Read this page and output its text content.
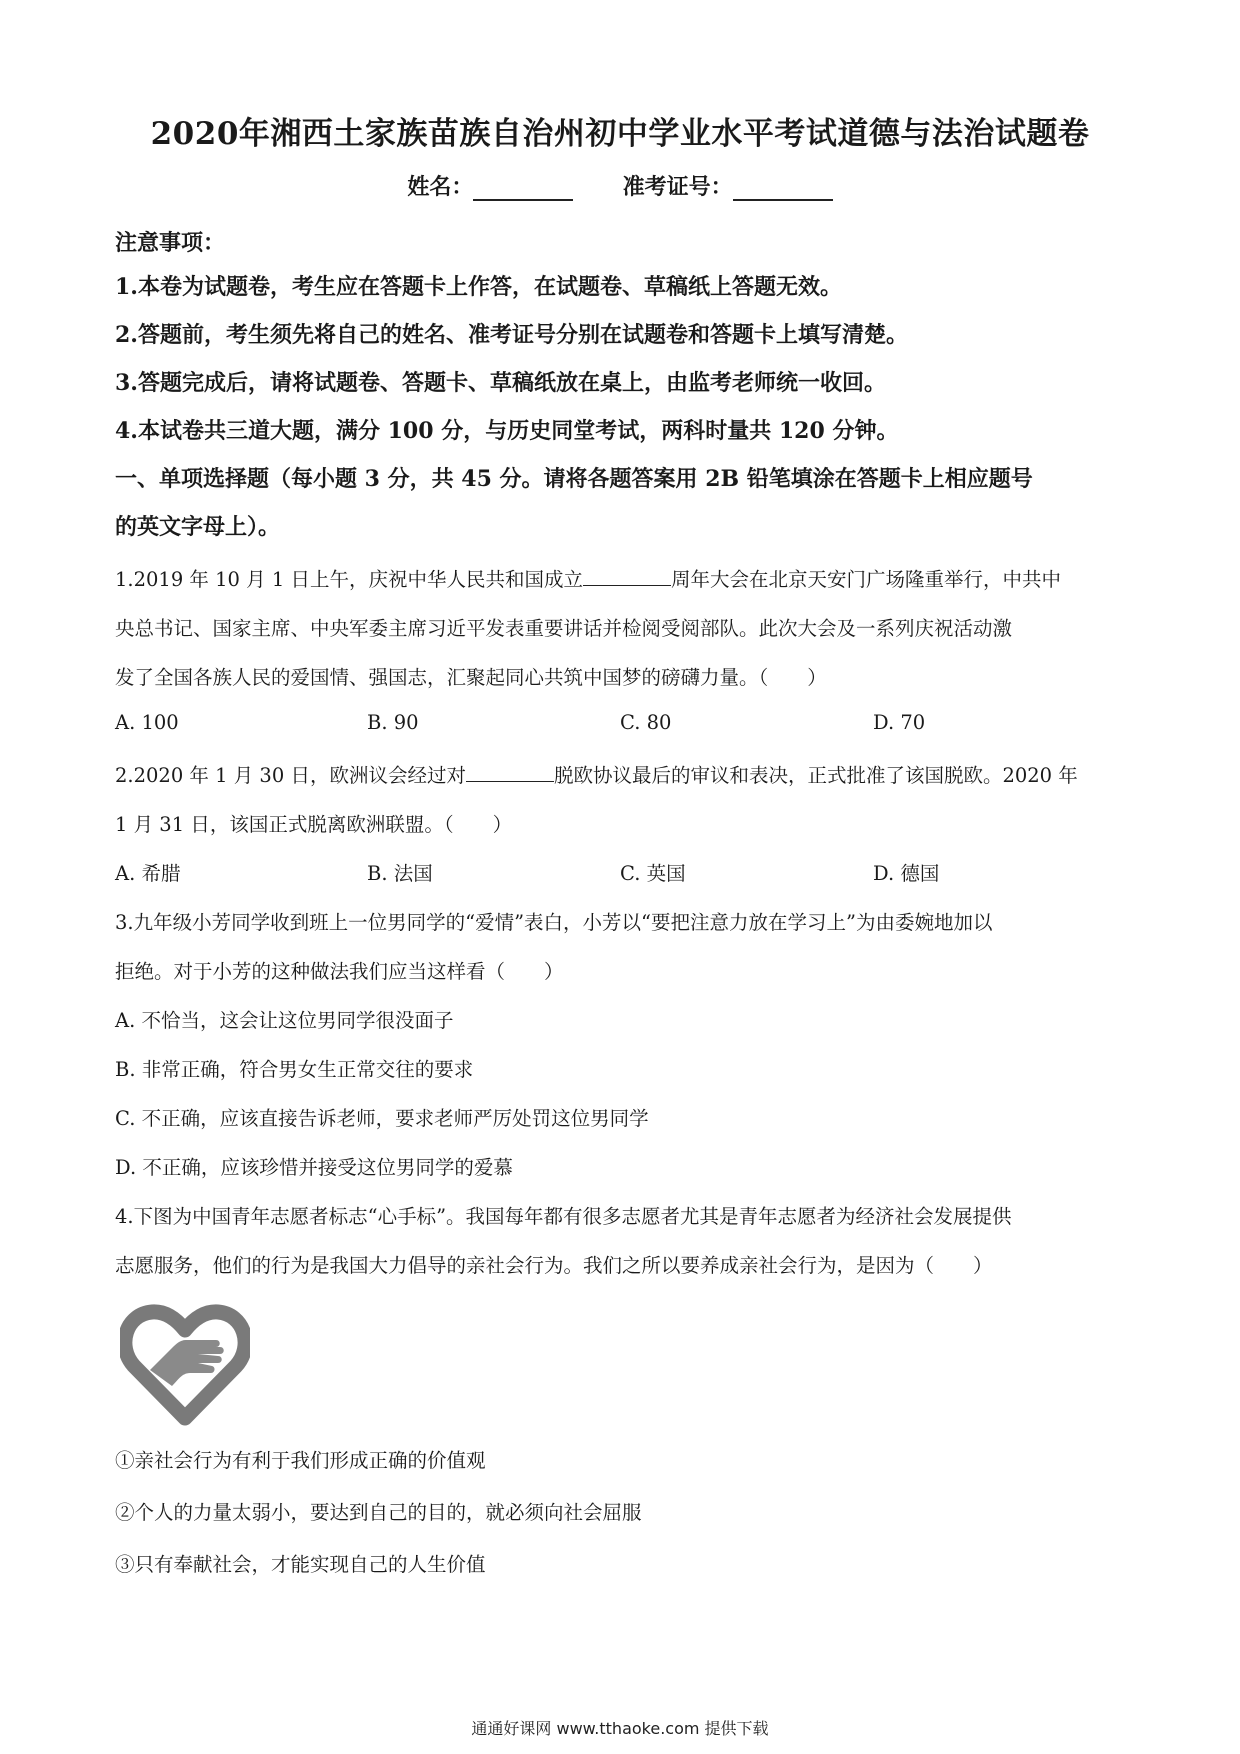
2020年湘西土家族苗族自治州初中学业水平考试道德与法治试题卷
姓名：	准考证号：
注意事项：
1.本卷为试题卷，考生应在答题卡上作答，在试题卷、草稿纸上答题无效。
2.答题前，考生须先将自己的姓名、准考证号分别在试题卷和答题卡上填写清楚。
3.答题完成后，请将试题卷、答题卡、草稿纸放在桌上，由监考老师统一收回。
4.本试卷共三道大题，满分 100 分，与历史同堂考试，两科时量共 120 分钟。
一、单项选择题（每小题 3 分，共 45 分。请将各题答案用 2B 铅笔填涂在答题卡上相应题号
的英文字母上）。
1.2019 年 10 月 1 日上午，庆祝中华人民共和国成立	周年大会在北京天安门广场隆重举行，中共中
央总书记、国家主席、中央军委主席习近平发表重要讲话并检阅受阅部队。此次大会及一系列庆祝活动激
发了全国各族人民的爱国情、强国志，汇聚起同心共筑中国梦的磅礴力量。（　　）
A. 100	B. 90	C. 80	D. 70
2.2020 年 1 月 30 日，欧洲议会经过对	脱欧协议最后的审议和表决，正式批准了该国脱欧。2020 年
1 月 31 日，该国正式脱离欧洲联盟。（　　）
A. 希腊	B. 法国	C. 英国	D. 德国
3.九年级小芳同学收到班上一位男同学的“爱情”表白，小芳以“要把注意力放在学习上”为由委婉地加以
拒绝。对于小芳的这种做法我们应当这样看（　　）
A. 不恰当，这会让这位男同学很没面子
B. 非常正确，符合男女生正常交往的要求
C. 不正确，应该直接告诉老师，要求老师严厉处罚这位男同学
D. 不正确，应该珍惜并接受这位男同学的爱慕
4.下图为中国青年志愿者标志“心手标”。我国每年都有很多志愿者尤其是青年志愿者为经济社会发展提供
志愿服务，他们的行为是我国大力倡导的亲社会行为。我们之所以要养成亲社会行为，是因为（　　）
①亲社会行为有利于我们形成正确的价值观
②个人的力量太弱小，要达到自己的目的，就必须向社会屈服
③只有奉献社会，才能实现自己的人生价值
通通好课网 www.tthaoke.com 提供下载
